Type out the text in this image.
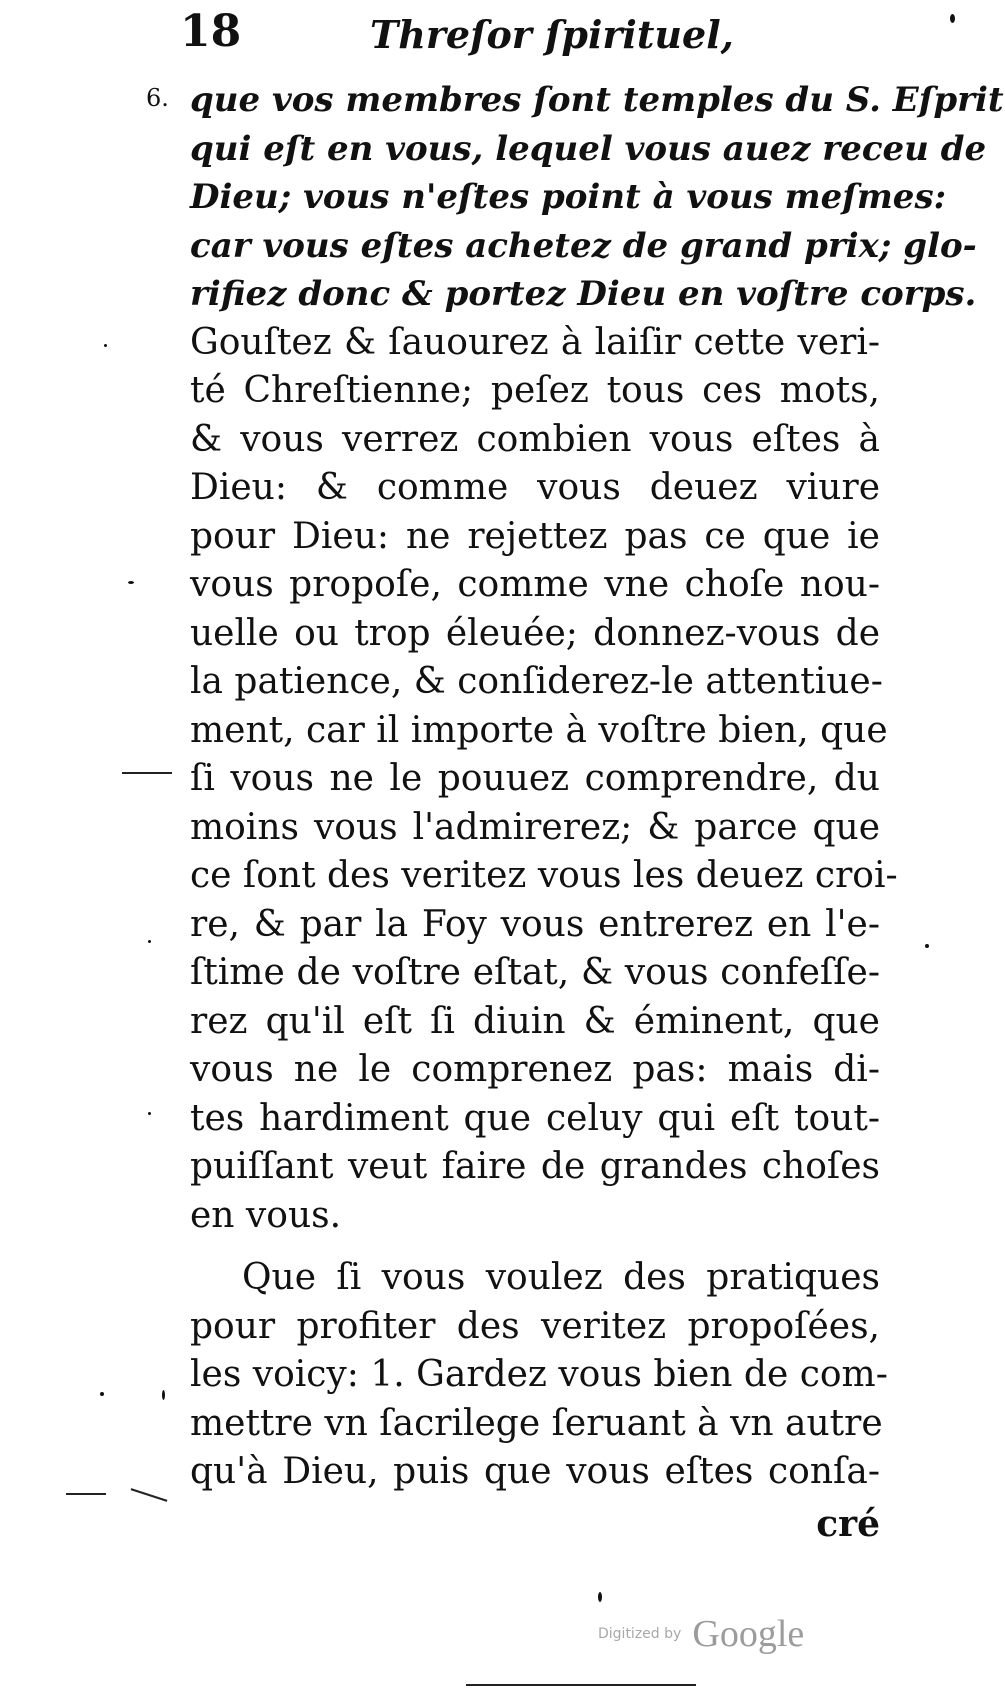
18	Threſor ſpirituel,
6. que vos membres ſont temples du S. Eſprit
qui eſt en vous, lequel vous auez receu de
Dieu; vous n'eſtes point à vous meſmes:
car vous eſtes achetez de grand prix; glo-
rifiez donc & portez Dieu en voſtre corps.
Gouſtez & ſauourez à laiſir cette veri-
té Chreſtienne; peſez tous ces mots,
& vous verrez combien vous eſtes à
Dieu: & comme vous deuez viure
pour Dieu: ne rejettez pas ce que ie
vous propoſe, comme vne choſe nou-
uelle ou trop éleuée; donnez-vous de
la patience, & conſiderez-le attentiue-
ment, car il importe à voſtre bien, que
ſi vous ne le pouuez comprendre, du
moins vous l'admirerez; & parce que
ce ſont des veritez vous les deuez croi-
re, & par la Foy vous entrerez en l'e-
ſtime de voſtre eſtat, & vous confeſſe-
rez qu'il eſt ſi diuin & éminent, que
vous ne le comprenez pas: mais di-
tes hardiment que celuy qui eſt tout-
puiſſant veut faire de grandes choſes
en vous.
Que ſi vous voulez des pratiques
pour profiter des veritez propoſées,
les voicy: 1. Gardez vous bien de com-
mettre vn ſacrilege ſeruant à vn autre
qu'à Dieu, puis que vous eſtes conſa-
cré
Digitized by Google
